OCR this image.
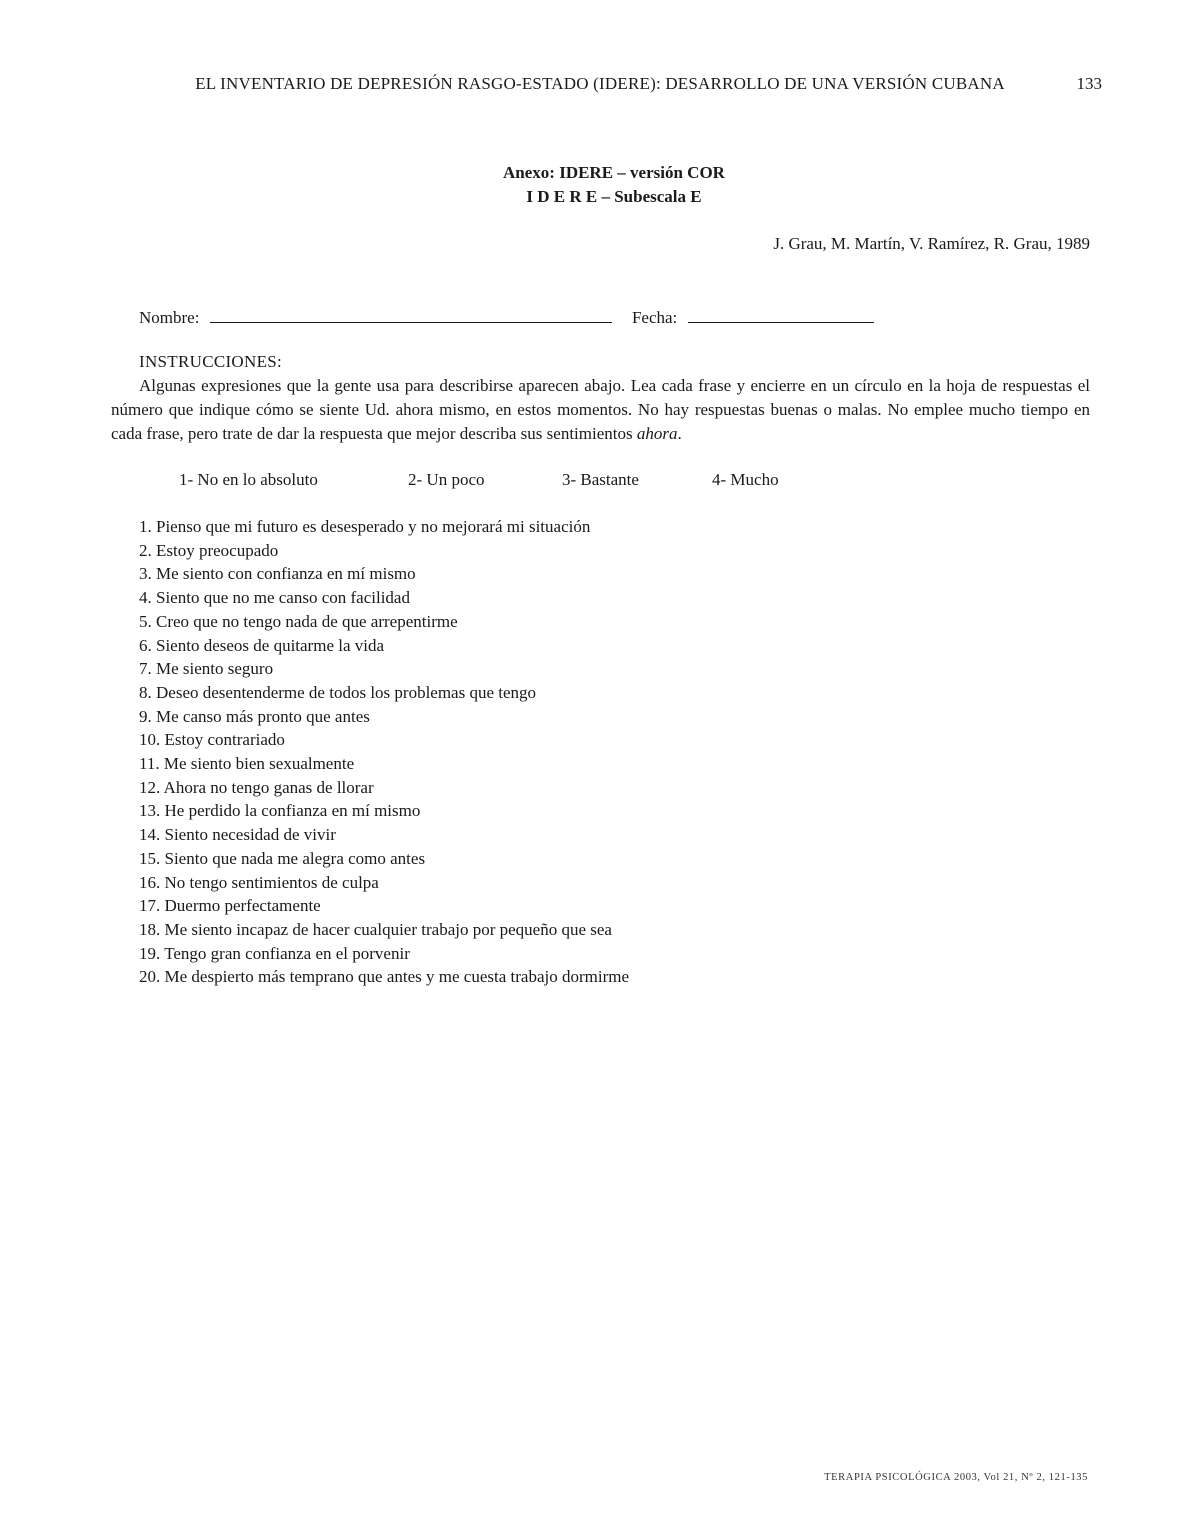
EL INVENTARIO DE DEPRESIÓN RASGO-ESTADO (IDERE): DESARROLLO DE UNA VERSIÓN CUBANA	133
Anexo: IDERE – versión COR
I D E R E – Subescala E
J. Grau, M. Martín, V. Ramírez, R. Grau, 1989
Nombre:	Fecha:
INSTRUCCIONES:
Algunas expresiones que la gente usa para describirse aparecen abajo. Lea cada frase y encierre en un círculo en la hoja de respuestas el número que indique cómo se siente Ud. ahora mismo, en estos momentos. No hay respuestas buenas o malas. No emplee mucho tiempo en cada frase, pero trate de dar la respuesta que mejor describa sus sentimientos ahora.
1- No en lo absoluto	2- Un poco	3- Bastante	4- Mucho
1. Pienso que mi futuro es desesperado y no mejorará mi situación
2. Estoy preocupado
3. Me siento con confianza en mí mismo
4. Siento que no me canso con facilidad
5. Creo que no tengo nada de que arrepentirme
6. Siento deseos de quitarme la vida
7. Me siento seguro
8. Deseo desentenderme de todos los problemas que tengo
9. Me canso más pronto que antes
10. Estoy contrariado
11. Me siento bien sexualmente
12. Ahora no tengo ganas de llorar
13. He perdido la confianza en mí mismo
14. Siento necesidad de vivir
15. Siento que nada me alegra como antes
16. No tengo sentimientos de culpa
17. Duermo perfectamente
18. Me siento incapaz de hacer cualquier trabajo por pequeño que sea
19. Tengo gran confianza en el porvenir
20. Me despierto más temprano que antes y me cuesta trabajo dormirme
TERAPIA PSICOLÓGICA 2003, Vol 21, Nº 2, 121-135
